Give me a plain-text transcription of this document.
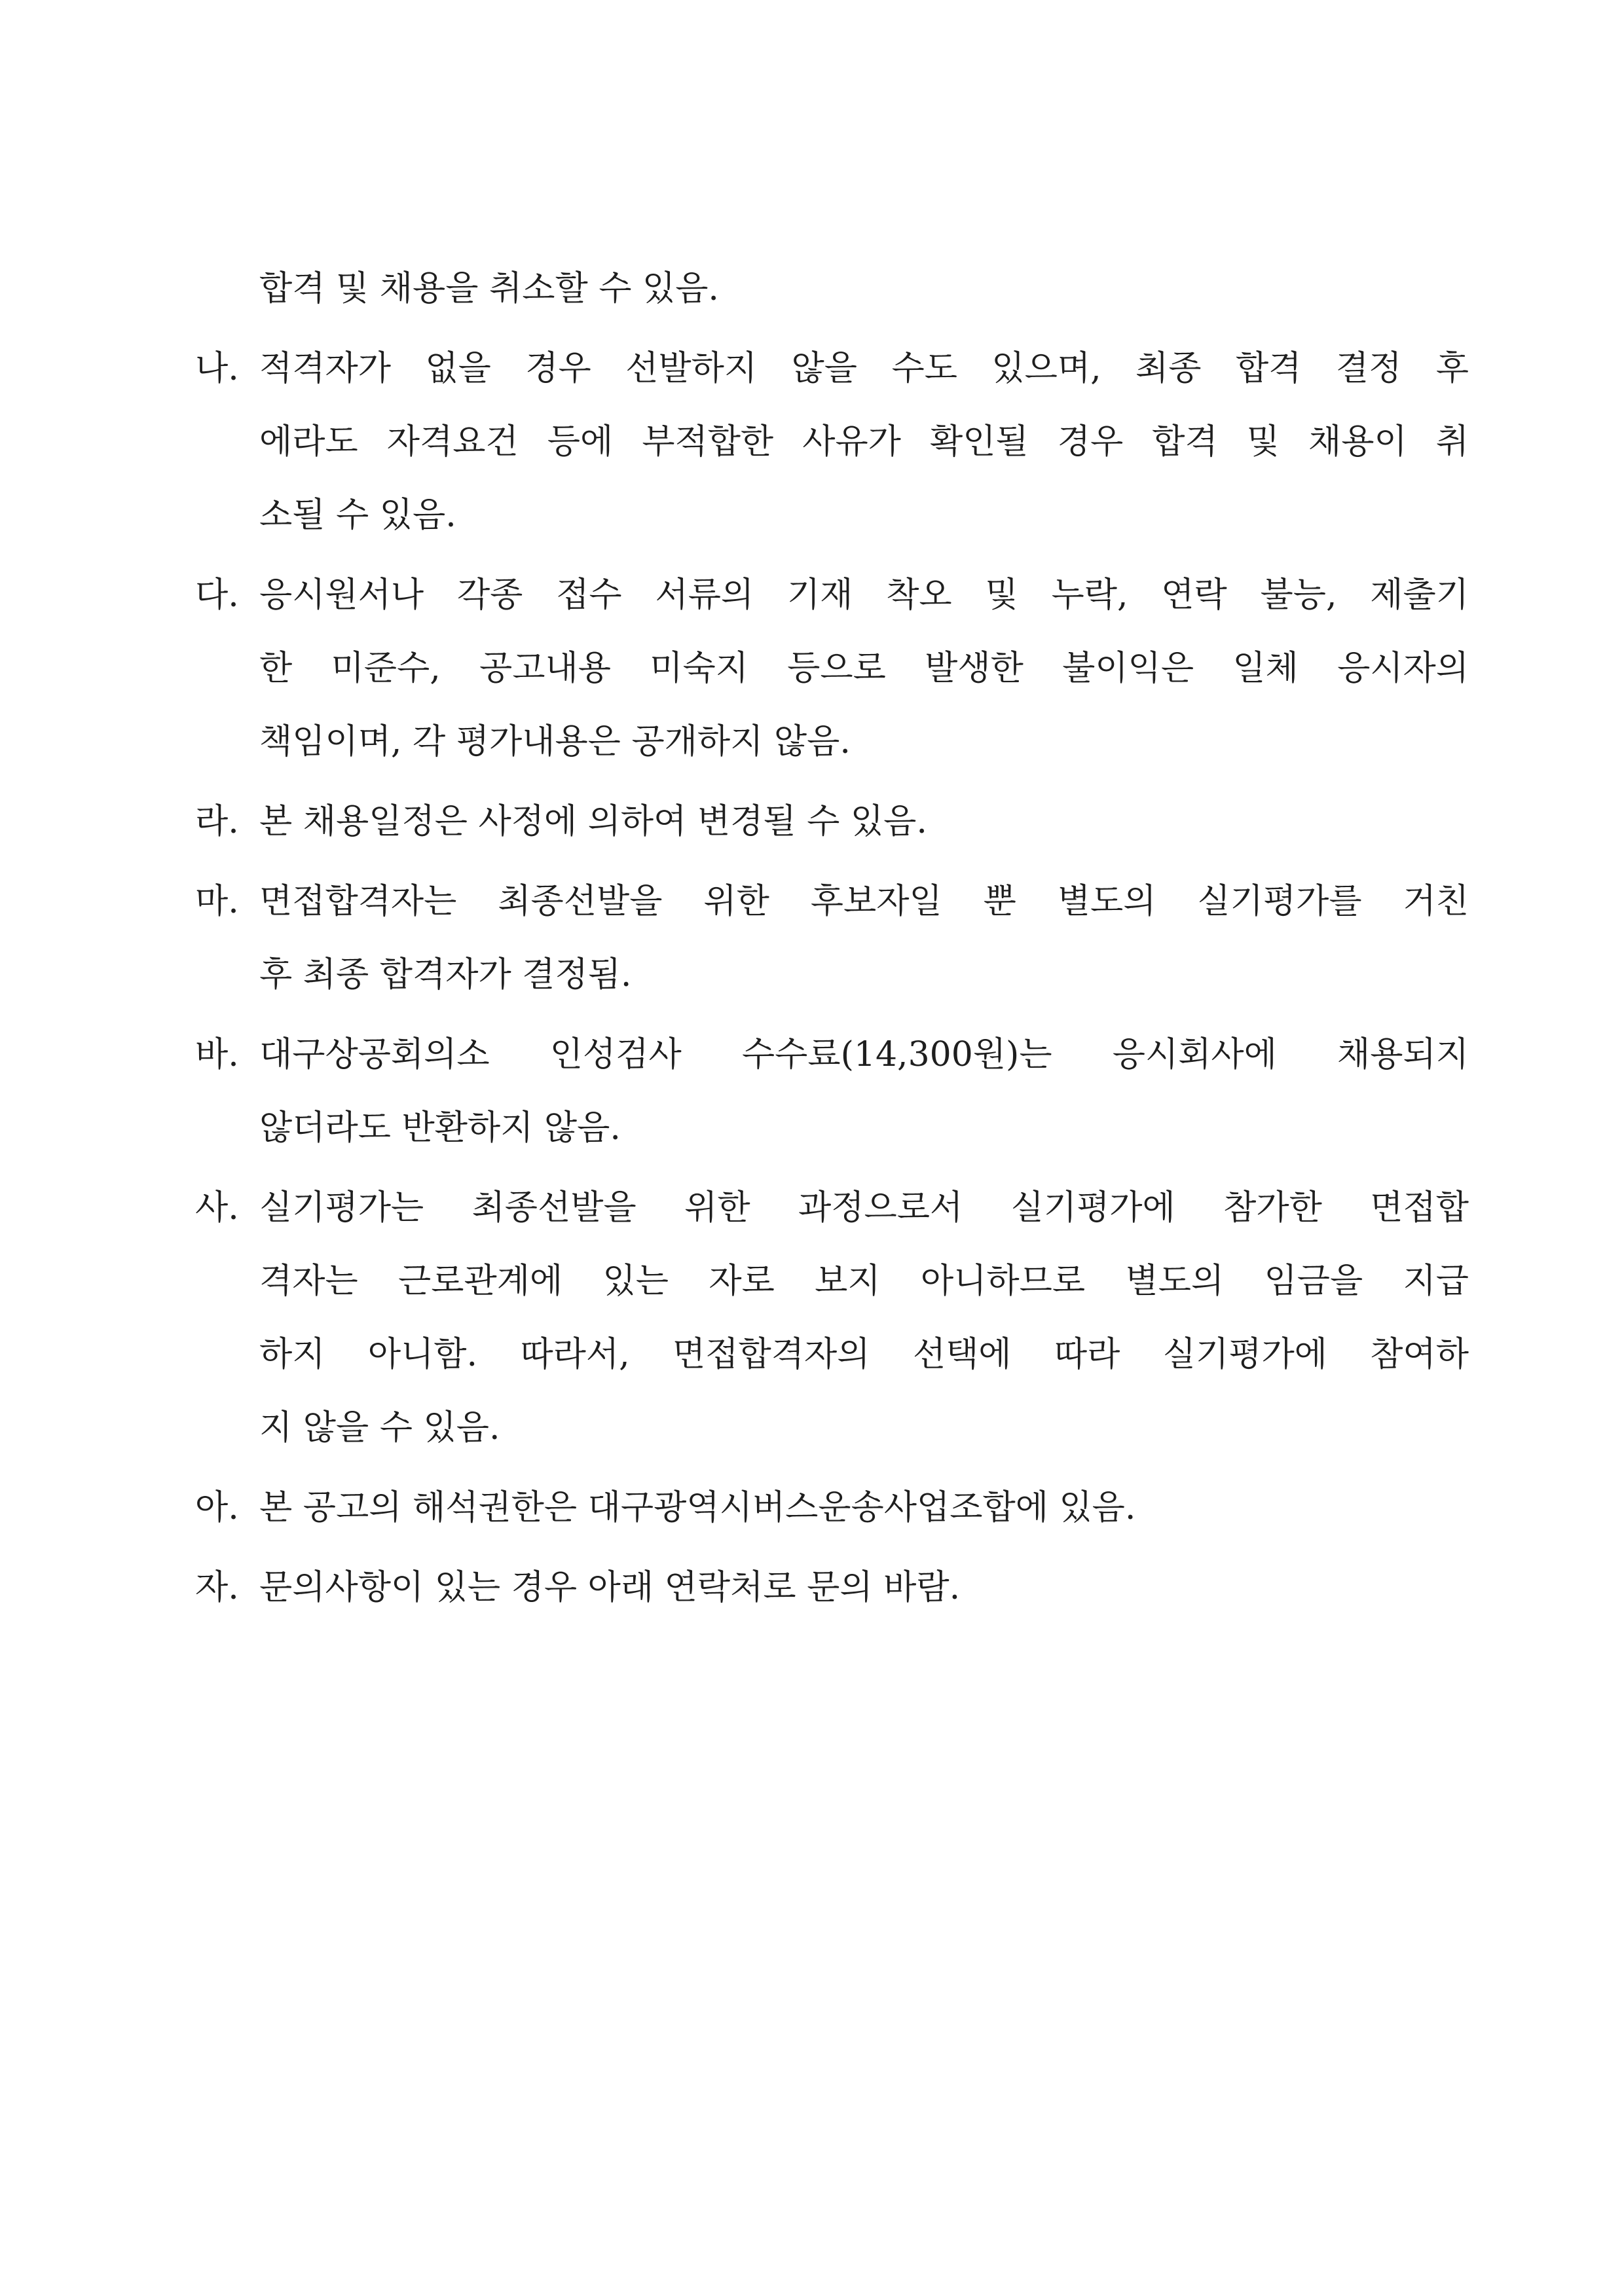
합격 및 채용을 취소할 수 있음.
나. 적격자가 없을 경우 선발하지 않을 수도 있으며, 최종 합격 결정 후
에라도 자격요건 등에 부적합한 사유가 확인될 경우 합격 및 채용이 취
소될 수 있음.
다. 응시원서나 각종 접수 서류의 기재 착오 및 누락, 연락 불능, 제출기
한 미준수, 공고내용 미숙지 등으로 발생한 불이익은 일체 응시자의
책임이며, 각 평가내용은 공개하지 않음.
라. 본 채용일정은 사정에 의하여 변경될 수 있음.
마. 면접합격자는 최종선발을 위한 후보자일 뿐 별도의 실기평가를 거친
후 최종 합격자가 결정됨.
바. 대구상공회의소 인성검사 수수료(14,300원)는 응시회사에 채용되지
않더라도 반환하지 않음.
사. 실기평가는 최종선발을 위한 과정으로서 실기평가에 참가한 면접합
격자는 근로관계에 있는 자로 보지 아니하므로 별도의 임금을 지급
하지 아니함. 따라서, 면접합격자의 선택에 따라 실기평가에 참여하
지 않을 수 있음.
아. 본 공고의 해석권한은 대구광역시버스운송사업조합에 있음.
자. 문의사항이 있는 경우 아래 연락처로 문의 바람.
